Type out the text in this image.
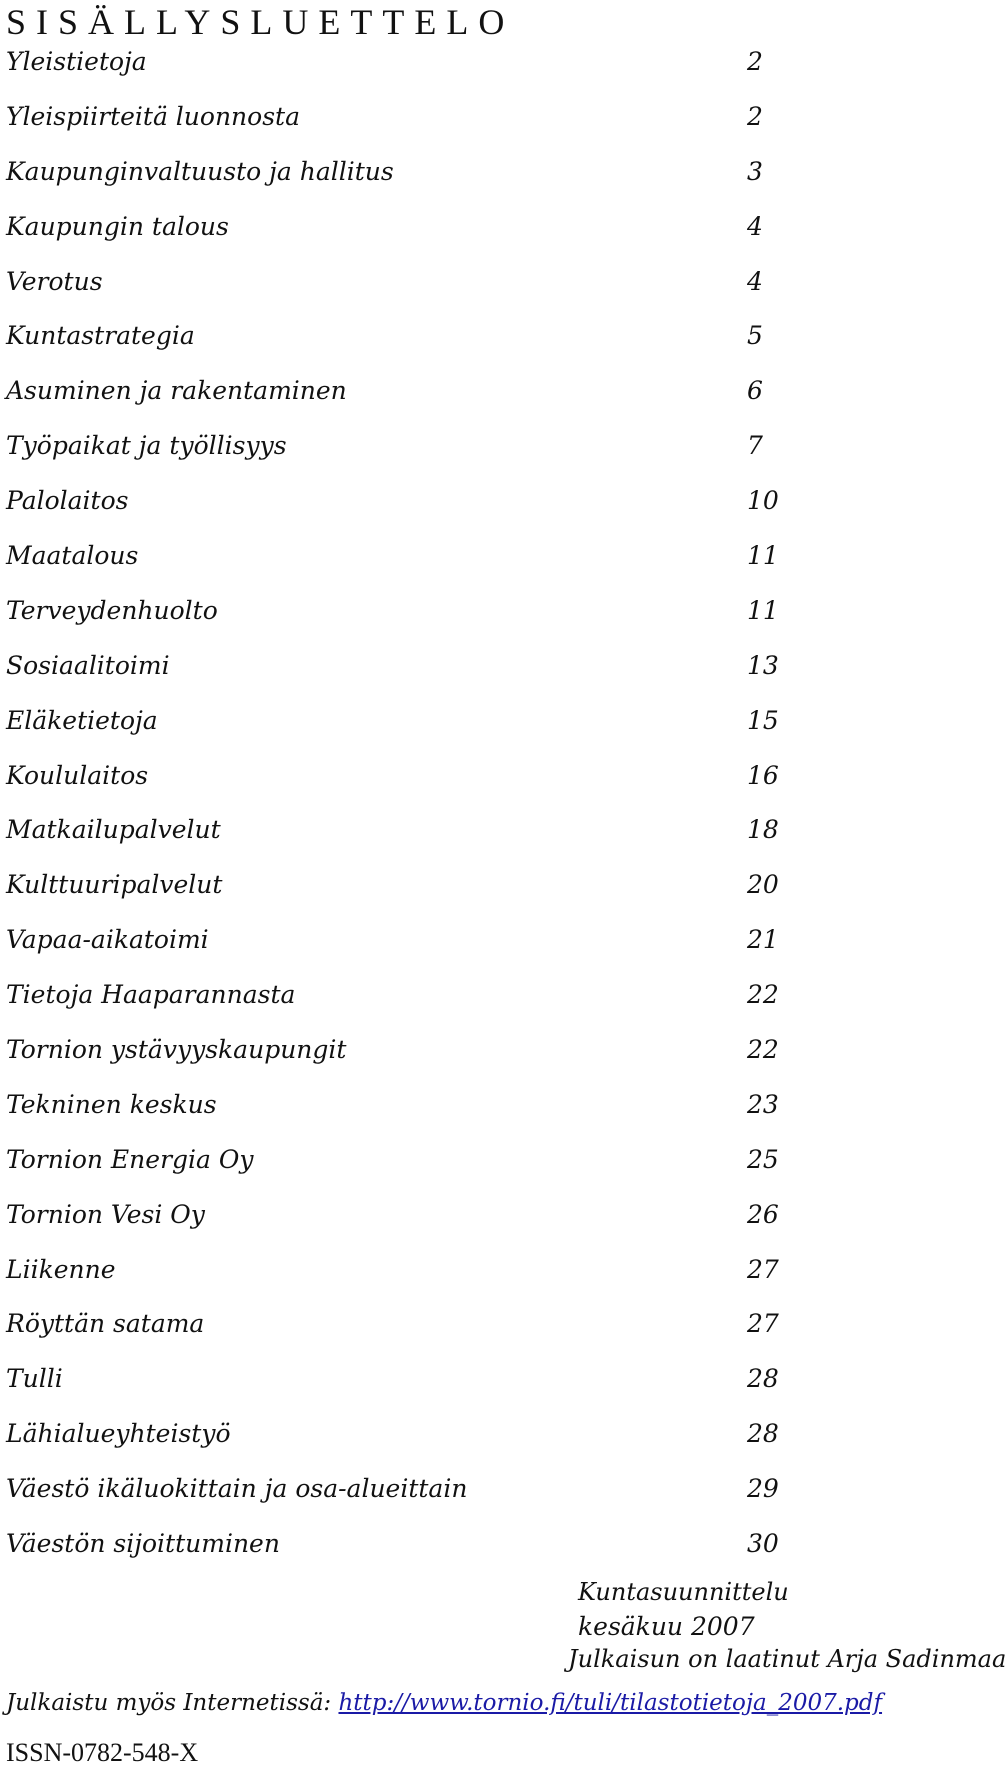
SISÄLLYSLUETTELO
Yleistietoja	2
Yleispiirteitä luonnosta	2
Kaupunginvaltuusto ja hallitus	3
Kaupungin talous	4
Verotus	4
Kuntastrategia	5
Asuminen ja rakentaminen	6
Työpaikat ja työllisyys	7
Palolaitos	10
Maatalous	11
Terveydenhuolto	11
Sosiaalitoimi	13
Eläketietoja	15
Koululaitos	16
Matkailupalvelut	18
Kulttuuripalvelut	20
Vapaa-aikatoimi	21
Tietoja Haaparannasta	22
Tornion ystävyyskaupungit	22
Tekninen keskus	23
Tornion Energia Oy	25
Tornion Vesi Oy	26
Liikenne	27
Röyttän satama	27
Tulli	28
Lähialueyhteistyö	28
Väestö ikäluokittain ja osa-alueittain	29
Väestön sijoittuminen	30
Kuntasuunnittelu
kesäkuu 2007
Julkaisun on laatinut Arja Sadinmaa
Julkaistu myös Internetissä: http://www.tornio.fi/tuli/tilastotietoja_2007.pdf
ISSN-0782-548-X
